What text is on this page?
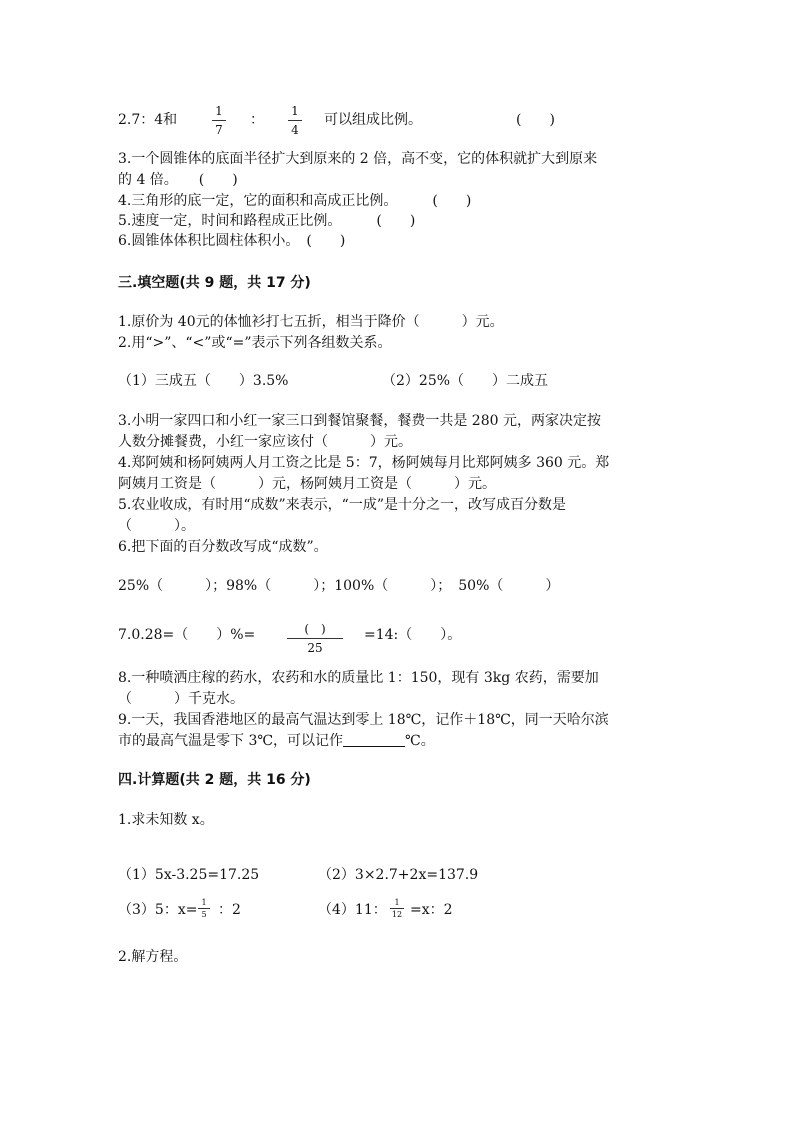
2.7：4和
1
7
：
1
4
可以组成比例。	(　　)
3.一个圆锥体的底面半径扩大到原来的 2 倍，高不变，它的体积就扩大到原来
的 4 倍。　　(　　)
4.三角形的底一定，它的面积和高成正比例。　　　(　　)
5.速度一定，时间和路程成正比例。　　　(　　)
6.圆锥体体积比圆柱体积小。　(　　)
三.填空题(共 9 题，共 17 分)
1.原价为 40元的体恤衫打七五折，相当于降价（　　　）元。
2.用“>”、“<”或“=”表示下列各组数关系。
（1）三成五（　　）3.5%	（2）25%（　　）二成五
3.小明一家四口和小红一家三口到餐馆聚餐，餐费一共是 280 元，两家决定按
人数分摊餐费，小红一家应该付（　　　）元。
4.郑阿姨和杨阿姨两人月工资之比是 5：7，杨阿姨每月比郑阿姨多 360 元。郑
阿姨月工资是（　　　）元，杨阿姨月工资是（　　　）元。
5.农业收成，有时用“成数”来表示，“一成”是十分之一，改写成百分数是
（　　　）。
6.把下面的百分数改写成“成数”。
25%（　　　）；98%（　　　）；100%（　　　）；　50%（　　　）
7.0.28=（　　）%=	(　)
25
=14:（　　）。
8.一种喷洒庄稼的药水，农药和水的质量比 1：150，现有 3kg 农药，需要加
（　　　）千克水。
9.一天，我国香港地区的最高气温达到零上 18℃，记作＋18℃，同一天哈尔滨
市的最高气温是零下 3℃，可以记作	℃。
四.计算题(共 2 题，共 16 分)
1.求未知数 x。
（1）5x-3.25=17.25	（2）3×2.7+2x=137.9
（3）5：x= 1
5 ：2	（4）11： 1
12 =x：2
2.解方程。
